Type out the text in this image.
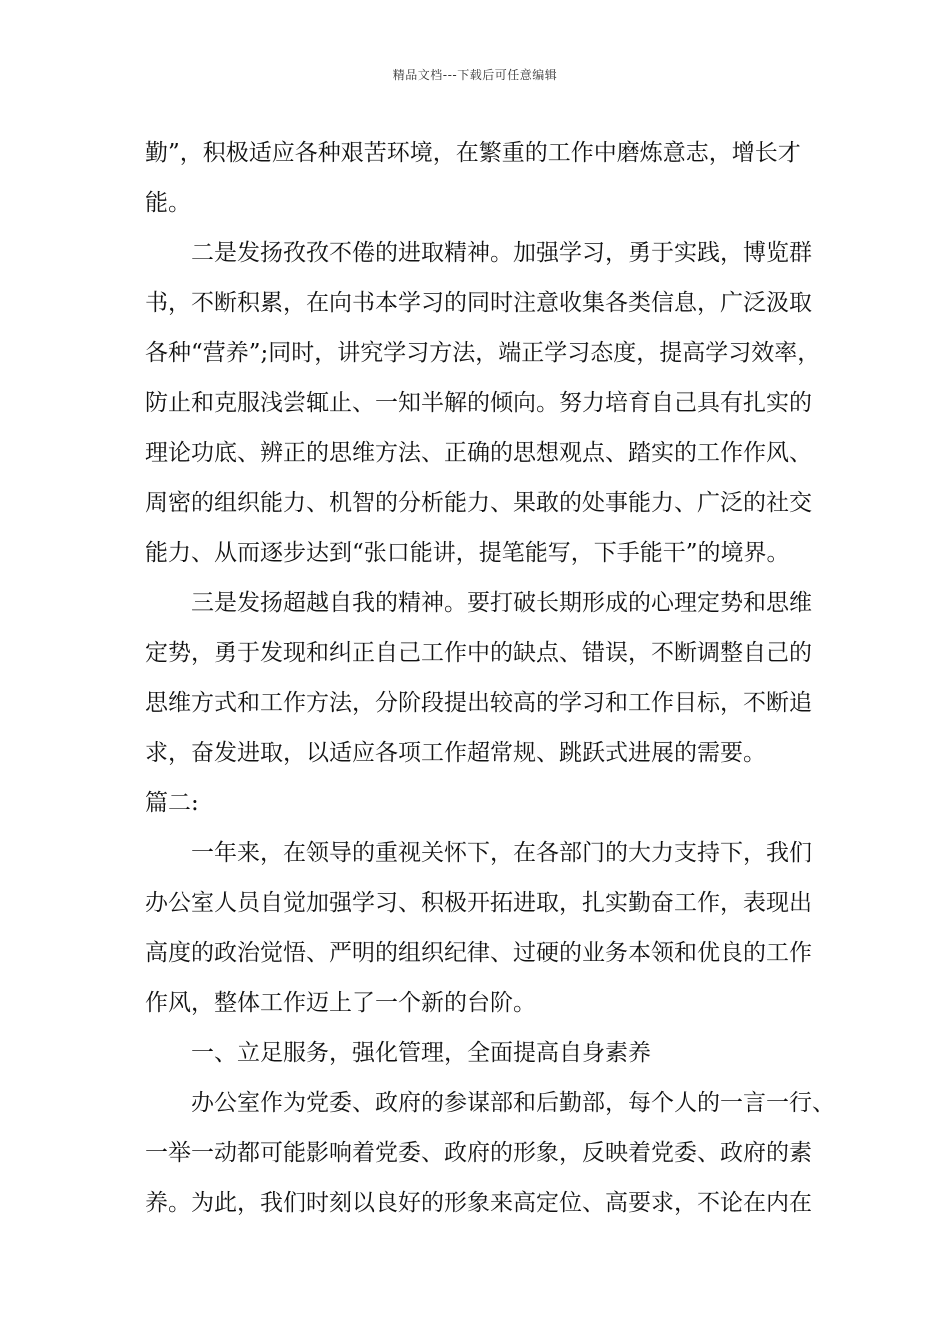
精品文档---下载后可任意编辑
勤”，积极适应各种艰苦环境，在繁重的工作中磨炼意志，增长才
能。
二是发扬孜孜不倦的进取精神。加强学习，勇于实践，博览群
书，不断积累，在向书本学习的同时注意收集各类信息，广泛汲取
各种“营养”;同时，讲究学习方法，端正学习态度，提高学习效率，
防止和克服浅尝辄止、一知半解的倾向。努力培育自己具有扎实的
理论功底、辨正的思维方法、正确的思想观点、踏实的工作作风、
周密的组织能力、机智的分析能力、果敢的处事能力、广泛的社交
能力、从而逐步达到“张口能讲，提笔能写，下手能干”的境界。
三是发扬超越自我的精神。要打破长期形成的心理定势和思维
定势，勇于发现和纠正自己工作中的缺点、错误，不断调整自己的
思维方式和工作方法，分阶段提出较高的学习和工作目标，不断追
求，奋发进取，以适应各项工作超常规、跳跃式进展的需要。
篇二:
一年来，在领导的重视关怀下，在各部门的大力支持下，我们
办公室人员自觉加强学习、积极开拓进取，扎实勤奋工作，表现出
高度的政治觉悟、严明的组织纪律、过硬的业务本领和优良的工作
作风，整体工作迈上了一个新的台阶。
一、立足服务，强化管理，全面提高自身素养
办公室作为党委、政府的参谋部和后勤部，每个人的一言一行、
一举一动都可能影响着党委、政府的形象，反映着党委、政府的素
养。为此，我们时刻以良好的形象来高定位、高要求，不论在内在
